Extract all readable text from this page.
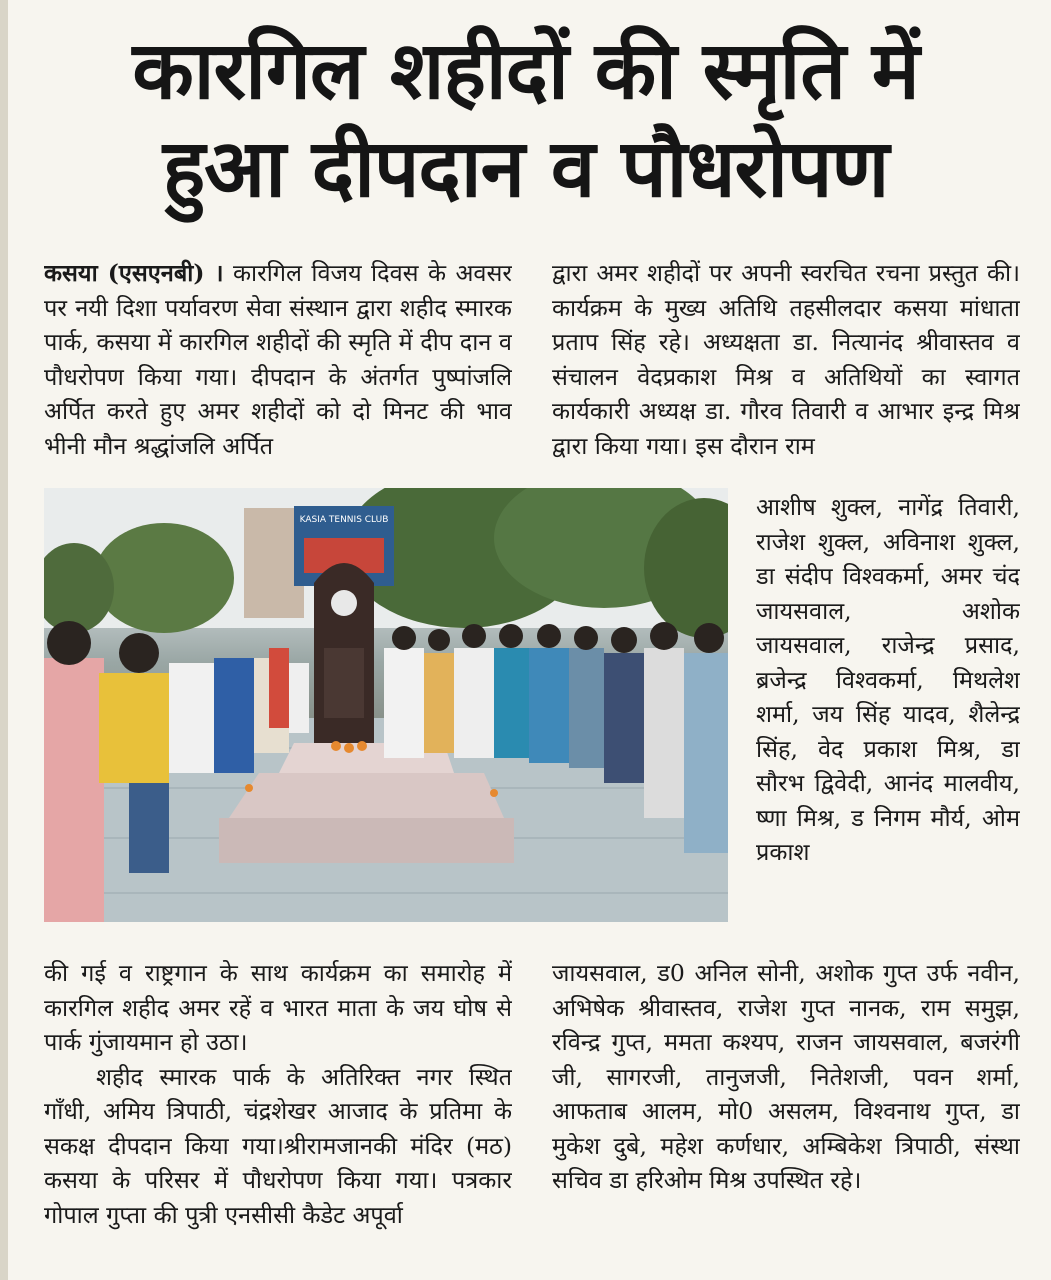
कारगिल शहीदों की स्मृति में
हुआ दीपदान व पौधरोपण

कसया (एसएनबी) । कारगिल विजय दिवस के अवसर पर नयी दिशा पर्यावरण सेवा संस्थान द्वारा शहीद स्मारक पार्क, कसया में कारगिल शहीदों की स्मृति में दीप दान व पौधरोपण किया गया। दीपदान के अंतर्गत पुष्पांजलि अर्पित करते हुए अमर शहीदों को दो मिनट की भाव भीनी मौन श्रद्धांजलि अर्पित

द्वारा अमर शहीदों पर अपनी स्वरचित रचना प्रस्तुत की। कार्यक्रम के मुख्य अतिथि तहसीलदार कसया मांधाता प्रताप सिंह रहे। अध्यक्षता डा. नित्यानंद श्रीवास्तव व संचालन वेदप्रकाश मिश्र व अतिथियों का स्वागत कार्यकारी अध्यक्ष डा. गौरव तिवारी व आभार इन्द्र मिश्र द्वारा किया गया। इस दौरान राम

आशीष शुक्ल, नागेंद्र तिवारी, राजेश शुक्ल, अविनाश शुक्ल, डा संदीप विश्वकर्मा, अमर चंद जायसवाल, अशोक जायसवाल, राजेन्द्र प्रसाद, ब्रजेन्द्र विश्वकर्मा, मिथलेश शर्मा, जय सिंह यादव, शैलेन्द्र सिंह, वेद प्रकाश मिश्र, डा सौरभ द्विवेदी, आनंद मालवीय, ष्णा मिश्र, ड निगम मौर्य, ओम प्रकाश

KASIA TENNIS CLUB

की गई व राष्ट्रगान के साथ कार्यक्रम का समारोह में कारगिल शहीद अमर रहें व भारत माता के जय घोष से पार्क गुंजायमान हो उठा।

शहीद स्मारक पार्क के अतिरिक्त नगर स्थित गाँधी, अमिय त्रिपाठी, चंद्रशेखर आजाद के प्रतिमा के सकक्ष दीपदान किया गया।श्रीरामजानकी मंदिर (मठ) कसया के परिसर में पौधरोपण किया गया। पत्रकार गोपाल गुप्ता की पुत्री एनसीसी कैडेट अपूर्वा

जायसवाल, ड0 अनिल सोनी, अशोक गुप्त उर्फ नवीन, अभिषेक श्रीवास्तव, राजेश गुप्त नानक, राम समुझ, रविन्द्र गुप्त, ममता कश्यप, राजन जायसवाल, बजरंगी जी, सागरजी, तानुजजी, नितेशजी, पवन शर्मा, आफताब आलम, मो0 असलम, विश्वनाथ गुप्त, डा मुकेश दुबे, महेश कर्णधार, अम्बिकेश त्रिपाठी, संस्था सचिव डा हरिओम मिश्र उपस्थित रहे।
